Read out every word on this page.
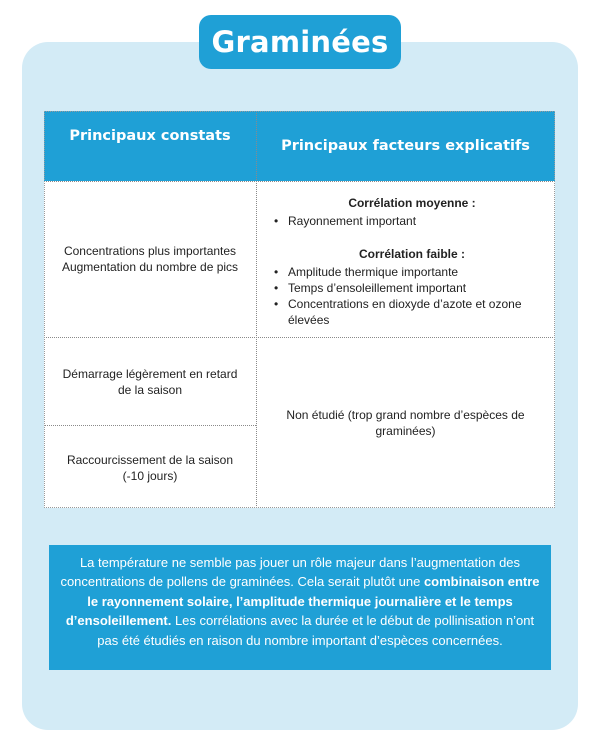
Graminées
Principaux constats
Principaux facteurs explicatifs
Concentrations plus importantes
Augmentation du nombre de pics
Corrélation moyenne :
• Rayonnement important
Corrélation faible :
• Amplitude thermique importante
• Temps d’ensoleillement important
• Concentrations en dioxyde d’azote et ozone élevées
Démarrage légèrement en retard
de la saison
Raccourcissement de la saison
(-10 jours)
Non étudié (trop grand nombre d’espèces de
graminées)
La température ne semble pas jouer un rôle majeur dans l’augmentation des concentrations de pollens de graminées. Cela serait plutôt une combinaison entre le rayonnement solaire, l’amplitude thermique journalière et le temps d’ensoleillement. Les corrélations avec la durée et le début de pollinisation n’ont pas été étudiés en raison du nombre important d’espèces concernées.
